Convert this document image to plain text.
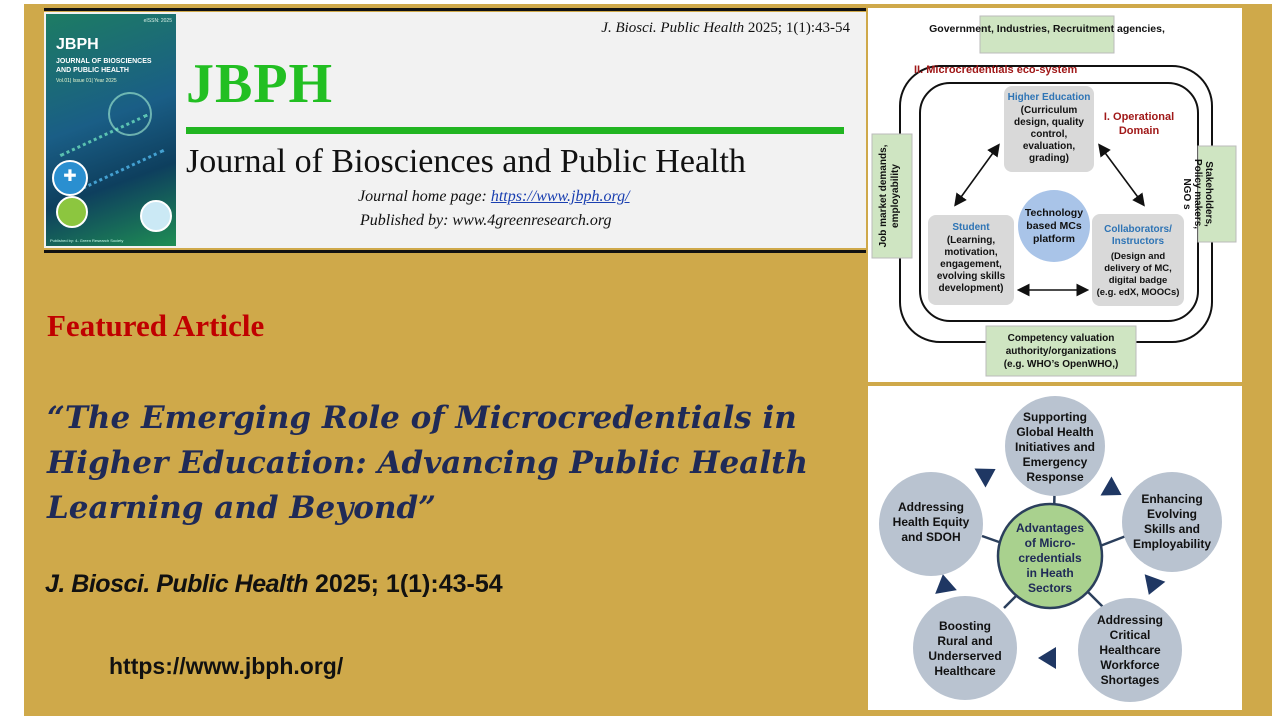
eISSN: 2025
JBPH
JOURNAL OF BIOSCIENCES AND PUBLIC HEALTH
Vol.01| Issue 01| Year 2025
✚
Published by: 4- Green Research Society
J. Biosci. Public Health 2025; 1(1):43-54
JBPH
Journal of Biosciences and Public Health
Journal home page: https://www.jbph.org/
Published by: www.4greenresearch.org
Featured Article
“The Emerging Role of Microcredentials in Higher Education: Advancing Public Health Learning and Beyond”
J. Biosci. Public Health 2025; 1(1):43-54
https://www.jbph.org/
Government, Industries, Recruitment agencies,
II. Microcredentials eco-system
I. Operational
Domain
Job market demands, employability	Stakeholders,
Policy makers,
NGO s
Competency valuation
authority/organizations
(e.g. WHO’s OpenWHO,)
Higher Education
(Curriculum
design, quality
control,
evaluation,
grading)
Technology
based MCs
platform
Student
(Learning,
motivation,
engagement,
evolving skills
development)
Collaborators/
Instructors
(Design and
delivery of MC,
digital badge
(e.g. edX, MOOCs)
Supporting
Global Health
Initiatives and
Emergency
Response
Enhancing
Evolving
Skills and
Employability
Addressing
Critical
Healthcare
Workforce
Shortages
Boosting
Rural and
Underserved
Healthcare
Addressing
Health Equity
and SDOH
Advantages
of Micro-
credentials
in Heath
Sectors
